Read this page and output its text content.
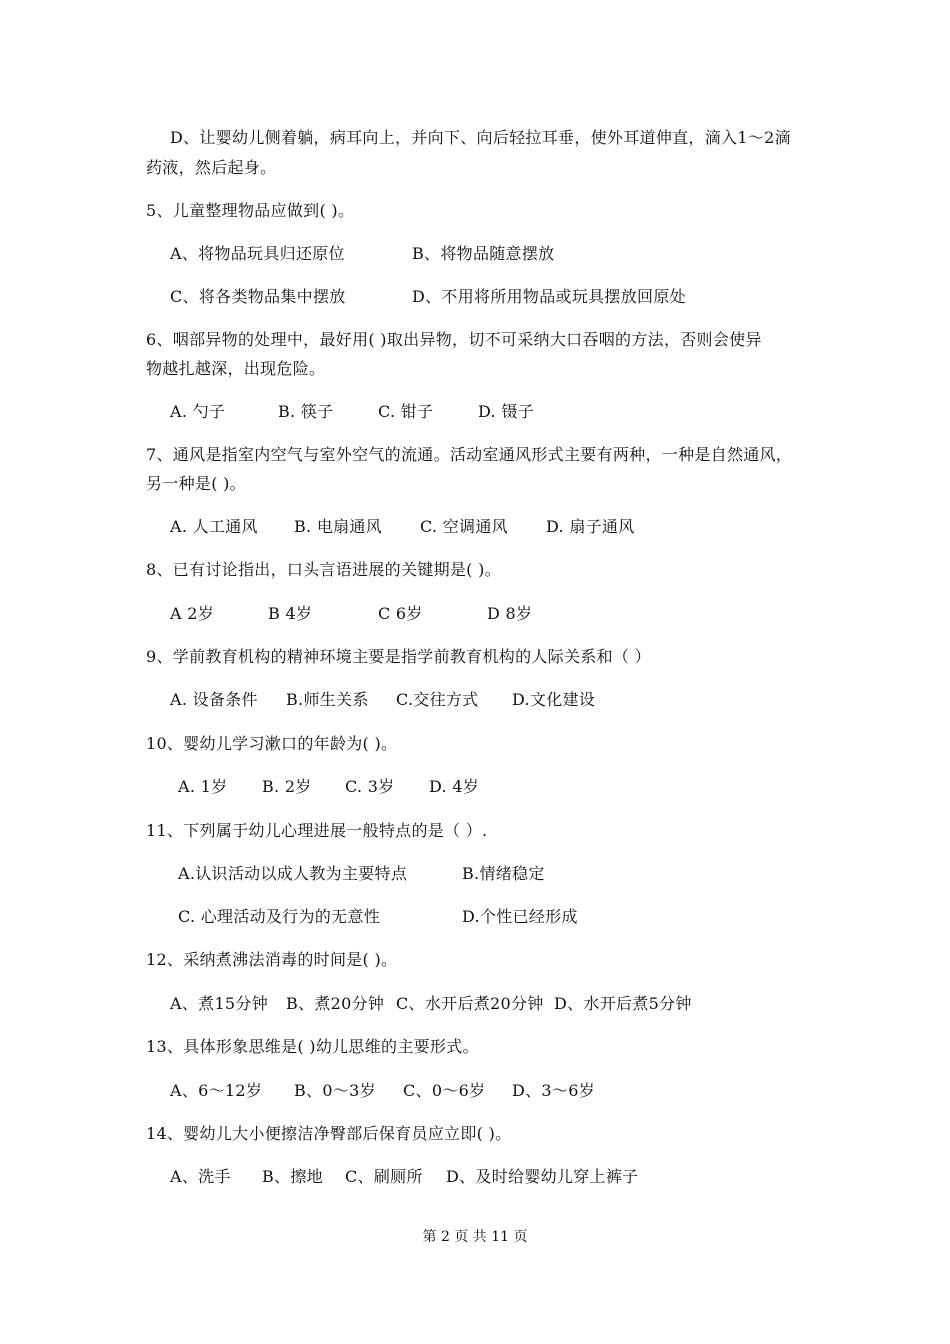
D、让婴幼儿侧着躺，病耳向上，并向下、向后轻拉耳垂，使外耳道伸直，滴入1～2滴
药液，然后起身。
5、儿童整理物品应做到( )。
A、将物品玩具归还原位	B、将物品随意摆放
C、将各类物品集中摆放	D、不用将所用物品或玩具摆放回原处
6、咽部异物的处理中，最好用( )取出异物，切不可采纳大口吞咽的方法，否则会使异
物越扎越深，出现危险。
A. 勺子	B. 筷子	C. 钳子	D. 镊子
7、通风是指室内空气与室外空气的流通。活动室通风形式主要有两种，一种是自然通风，
另一种是( )。
A. 人工通风 B. 电扇通风 C. 空调通风 D. 扇子通风
8、已有讨论指出，口头言语进展的关键期是( )。
A 2岁	B 4岁	C 6岁	D 8岁
9、学前教育机构的精神环境主要是指学前教育机构的人际关系和（ ）
A. 设备条件 B.师生关系 C.交往方式 D.文化建设
10、婴幼儿学习漱口的年龄为( )。
A. 1岁 B. 2岁 C. 3岁 D. 4岁
11、下列属于幼儿心理进展一般特点的是（ ）.
A.认识活动以成人教为主要特点	B.情绪稳定
C. 心理活动及行为的无意性	D.个性已经形成
12、采纳煮沸法消毒的时间是( )。
A、煮15分钟 B、煮20分钟 C、水开后煮20分钟 D、水开后煮5分钟
13、具体形象思维是( )幼儿思维的主要形式。
A、6～12岁 B、0～3岁 C、0～6岁 D、3～6岁
14、婴幼儿大小便擦洁净臀部后保育员应立即( )。
A、洗手 B、擦地 C、刷厕所 D、及时给婴幼儿穿上裤子
第 2 页 共 11 页
